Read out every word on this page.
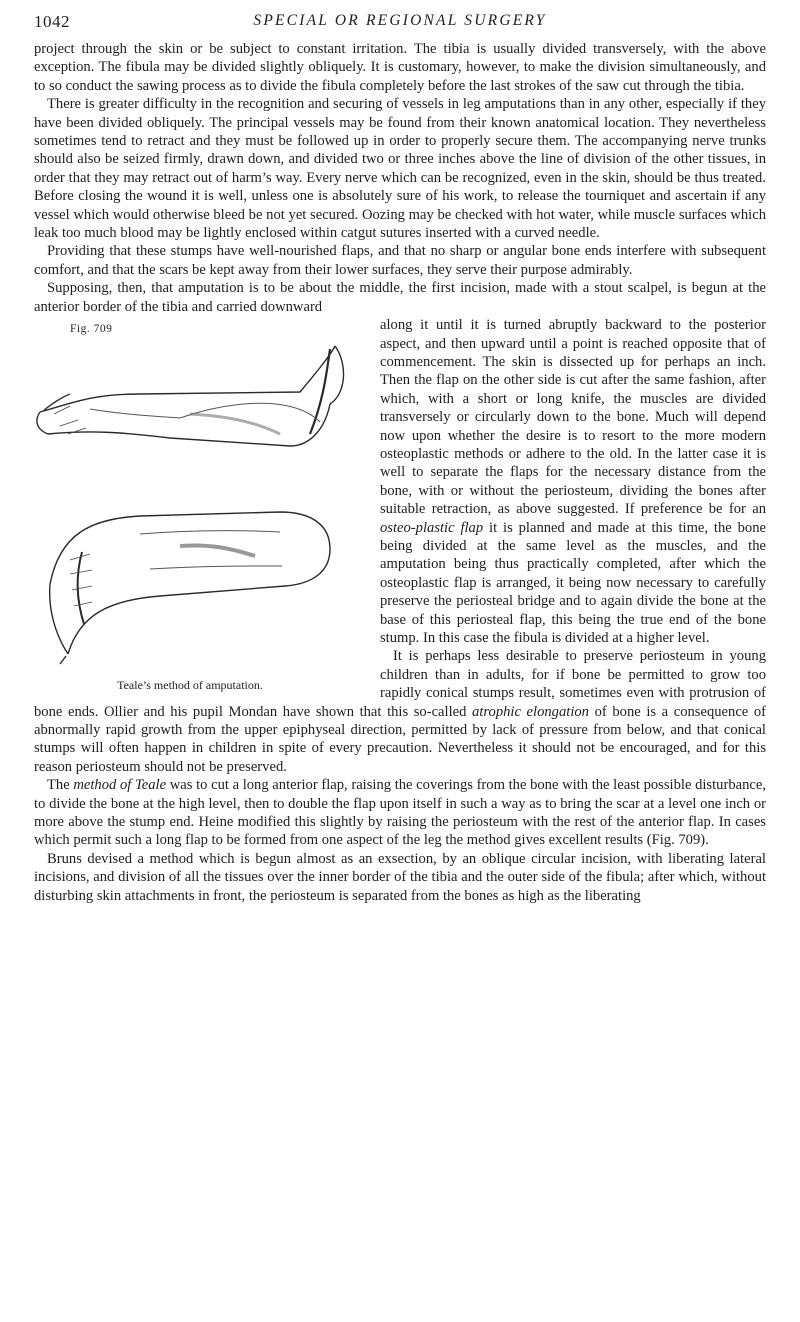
1042	SPECIAL OR REGIONAL SURGERY

project through the skin or be subject to constant irritation. The tibia is usually divided transversely, with the above exception. The fibula may be divided slightly obliquely. It is customary, however, to make the division simultaneously, and to so conduct the sawing process as to divide the fibula completely before the last strokes of the saw cut through the tibia.

There is greater difficulty in the recognition and securing of vessels in leg amputations than in any other, especially if they have been divided obliquely. The principal vessels may be found from their known anatomical location. They nevertheless sometimes tend to retract and they must be followed up in order to properly secure them. The accompanying nerve trunks should also be seized firmly, drawn down, and divided two or three inches above the line of division of the other tissues, in order that they may retract out of harm’s way. Every nerve which can be recognized, even in the skin, should be thus treated. Before closing the wound it is well, unless one is absolutely sure of his work, to release the tourniquet and ascertain if any vessel which would otherwise bleed be not yet secured. Oozing may be checked with hot water, while muscle surfaces which leak too much blood may be lightly enclosed within catgut sutures inserted with a curved needle.

Providing that these stumps have well-nourished flaps, and that no sharp or angular bone ends interfere with subsequent comfort, and that the scars be kept away from their lower surfaces, they serve their purpose admirably.

Supposing, then, that amputation is to be about the middle, the first incision, made with a stout scalpel, is begun at the anterior border of the tibia and carried downward

Fig. 709
Teale’s method of amputation.

along it until it is turned abruptly backward to the posterior aspect, and then upward until a point is reached opposite that of commencement. The skin is dissected up for perhaps an inch. Then the flap on the other side is cut after the same fashion, after which, with a short or long knife, the muscles are divided transversely or circularly down to the bone. Much will depend now upon whether the desire is to resort to the more modern osteoplastic methods or adhere to the old. In the latter case it is well to separate the flaps for the necessary distance from the bone, with or without the periosteum, dividing the bones after suitable retraction, as above suggested. If preference be for an osteo-plastic flap it is planned and made at this time, the bone being divided at the same level as the muscles, and the amputation being thus practically completed, after which the osteoplastic flap is arranged, it being now necessary to carefully preserve the periosteal bridge and to again divide the bone at the base of this periosteal flap, this being the true end of the bone stump. In this case the fibula is divided at a higher level.

It is perhaps less desirable to preserve periosteum in young children than in adults, for if bone be permitted to grow too rapidly conical stumps result, sometimes even with protrusion of bone ends. Ollier and his pupil Mondan have shown that this so-called atrophic elongation of bone is a consequence of abnormally rapid growth from the upper epiphyseal direction, permitted by lack of pressure from below, and that conical stumps will often happen in children in spite of every precaution. Nevertheless it should not be encouraged, and for this reason periosteum should not be preserved.

The method of Teale was to cut a long anterior flap, raising the coverings from the bone with the least possible disturbance, to divide the bone at the high level, then to double the flap upon itself in such a way as to bring the scar at a level one inch or more above the stump end. Heine modified this slightly by raising the periosteum with the rest of the anterior flap. In cases which permit such a long flap to be formed from one aspect of the leg the method gives excellent results (Fig. 709).

Bruns devised a method which is begun almost as an exsection, by an oblique circular incision, with liberating lateral incisions, and division of all the tissues over the inner border of the tibia and the outer side of the fibula; after which, without disturbing skin attachments in front, the periosteum is separated from the bones as high as the liberating
